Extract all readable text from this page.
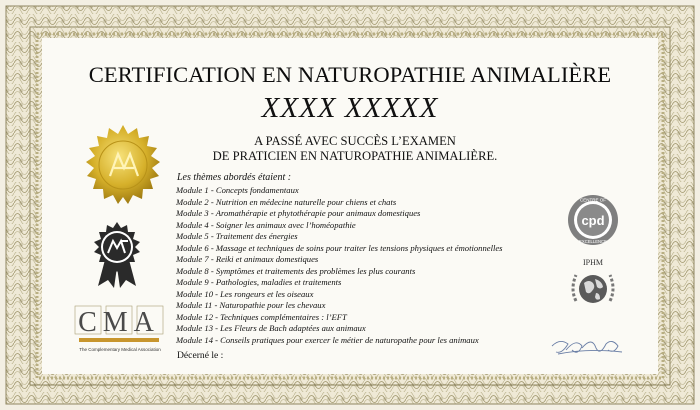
CERTIFICATION EN NATUROPATHIE ANIMALIÈRE
XXXX XXXXX
A PASSÉ AVEC SUCCÈS L’EXAMEN
DE PRATICIEN EN NATUROPATHIE ANIMALIÈRE.
CMA
The Complementary Medical Association
Les thèmes abordés étaient :
Module 1 - Concepts fondamentaux
Module 2 - Nutrition en médecine naturelle pour chiens et chats
Module 3 - Aromathérapie et phytothérapie pour animaux domestiques
Module 4 - Soigner les animaux avec l’homéopathie
Module 5 - Traitement des énergies
Module 6 - Massage et techniques de soins pour traiter les tensions physiques et émotionnelles
Module 7 - Reiki et animaux domestiques
Module 8 - Symptômes et traitements des problèmes les plus courants
Module 9 - Pathologies, maladies et traitements
Module 10 - Les rongeurs et les oiseaux
Module 11 - Naturopathie pour les chevaux
Module 12 - Techniques complémentaires : l’EFT
Module 13 - Les Fleurs de Bach adaptées aux animaux
Module 14 - Conseils pratiques pour exercer le métier de naturopathe pour les animaux
Décerné le :
cpd
CENTRE OF
EXCELLENCE
IPHM
